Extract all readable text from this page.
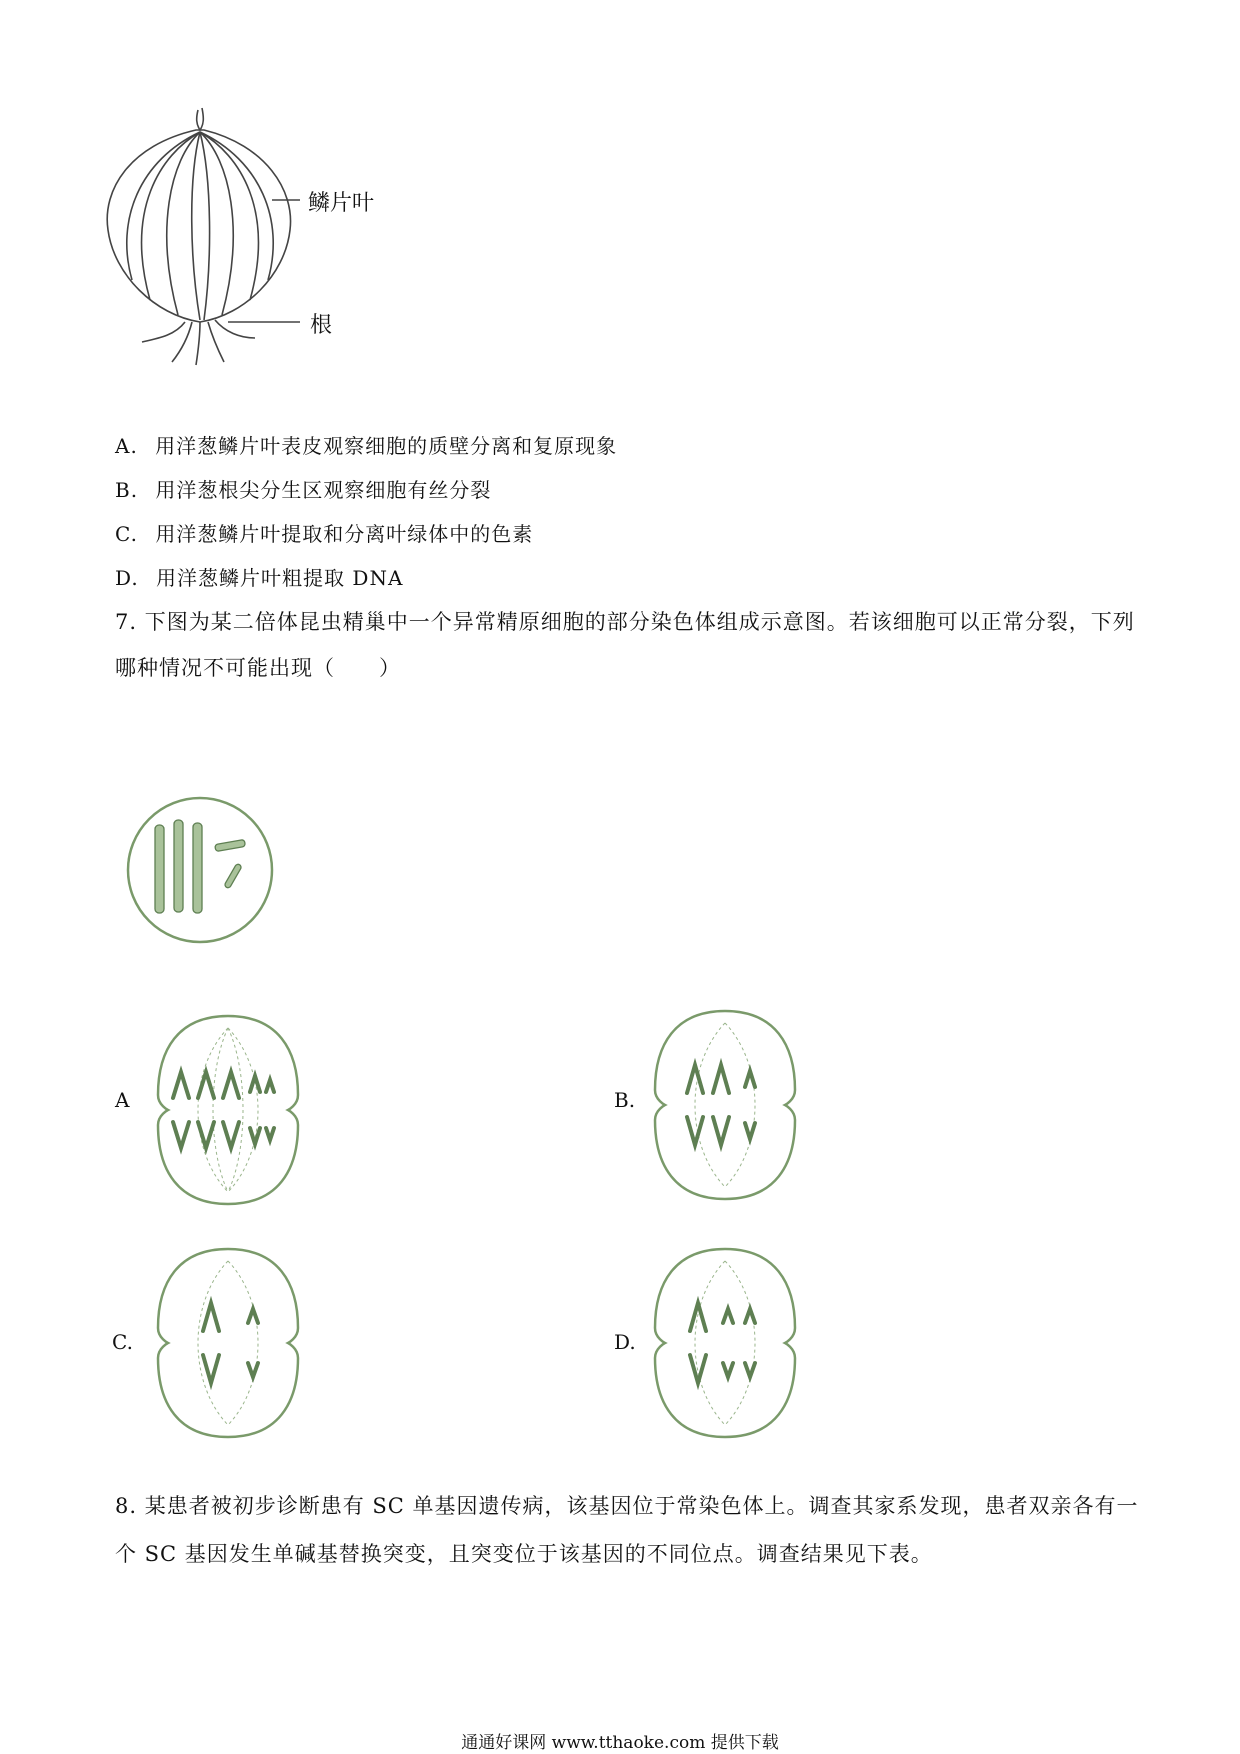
鳞片叶
根
A. 用洋葱鳞片叶表皮观察细胞的质壁分离和复原现象
B. 用洋葱根尖分生区观察细胞有丝分裂
C. 用洋葱鳞片叶提取和分离叶绿体中的色素
D. 用洋葱鳞片叶粗提取 DNA
7. 下图为某二倍体昆虫精巢中一个异常精原细胞的部分染色体组成示意图。若该细胞可以正常分裂，下列
哪种情况不可能出现（　　）
A	B.
C.	D.
8. 某患者被初步诊断患有 SC 单基因遗传病，该基因位于常染色体上。调查其家系发现，患者双亲各有一
个 SC 基因发生单碱基替换突变，且突变位于该基因的不同位点。调查结果见下表。
通通好课网 www.tthaoke.com 提供下载
